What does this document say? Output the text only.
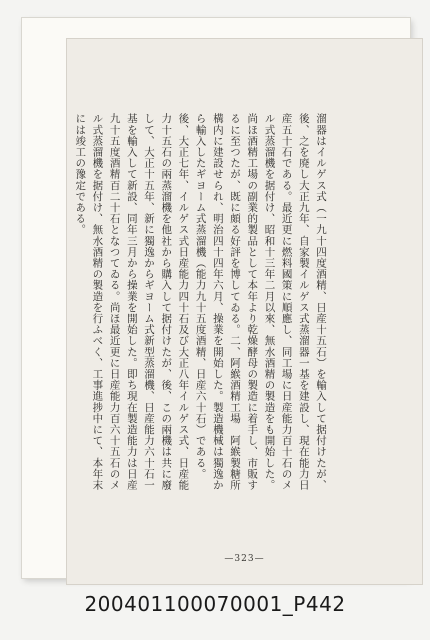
溜器はイルゲス式（一九十四度酒精、日産十五石）を輸入して据付けたが、後、之を廃し大正九年、自家製イルゲス式蒸溜器一基を建設し、現在能力日産五十石である。最近更に燃料國策に順應し、同工場に日産能力百十石のメル式蒸溜機を据付け、昭和十三年二月以來、無水酒精の製造をも開始した。尚ほ酒精工場の副業的製品として本年より乾燥酵母の製造に着手し、市販するに至つたが、既に頗る好評を博してゐる。二、阿緱酒精工場　阿緱製糖所構内に建設せられ、明治四十四年六月、操業を開始した。製造機械は獨逸から輸入したギヨーム式蒸溜機（能力九十五度酒精、日産六十石）である。後、大正七年、イルゲス式日産能力四十石及び大正八年イルゲス式、日産能力十五石の兩蒸溜機を他社から購入して据付けたが、後、この兩機は共に廢して、大正十五年、新に獨逸からギヨーム式新型蒸溜機、日産能力六十石一基を輸入して新設、同年三月から操業を開始した。即ち現在製造能力は日産九十五度酒精百二十石となつてゐる。尚ほ最近更に日産能力百六十五石のメル式蒸溜機を据付け、無水酒精の製造を行ふべく、工事進捗中にて、本年末には竣工の豫定である。

—323—
200401100070001_P442
